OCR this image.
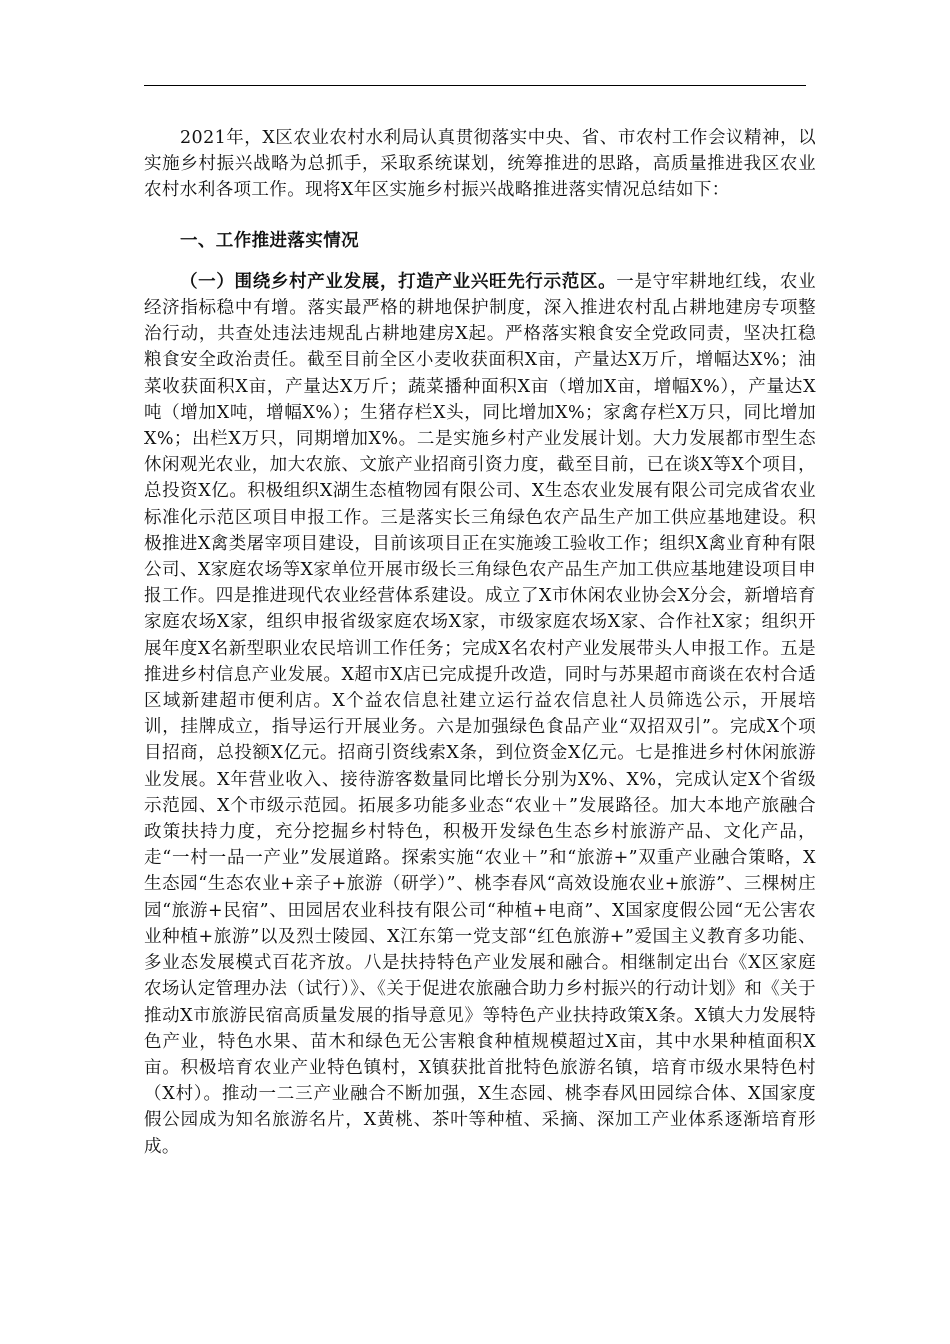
2021年，X区农业农村水利局认真贯彻落实中央、省、市农村工作会议精神，以实施乡村振兴战略为总抓手，采取系统谋划，统筹推进的思路，高质量推进我区农业农村水利各项工作。现将X年区实施乡村振兴战略推进落实情况总结如下：

一、工作推进落实情况

（一）围绕乡村产业发展，打造产业兴旺先行示范区。一是守牢耕地红线，农业经济指标稳中有增。落实最严格的耕地保护制度，深入推进农村乱占耕地建房专项整治行动，共查处违法违规乱占耕地建房X起。严格落实粮食安全党政同责，坚决扛稳粮食安全政治责任。截至目前全区小麦收获面积X亩，产量达X万斤，增幅达X%；油菜收获面积X亩，产量达X万斤；蔬菜播种面积X亩（增加X亩，增幅X%），产量达X吨（增加X吨，增幅X%）；生猪存栏X头，同比增加X%；家禽存栏X万只，同比增加X%；出栏X万只，同期增加X%。二是实施乡村产业发展计划。大力发展都市型生态休闲观光农业，加大农旅、文旅产业招商引资力度，截至目前，已在谈X等X个项目，总投资X亿。积极组织X湖生态植物园有限公司、X生态农业发展有限公司完成省农业标准化示范区项目申报工作。三是落实长三角绿色农产品生产加工供应基地建设。积极推进X禽类屠宰项目建设，目前该项目正在实施竣工验收工作；组织X禽业育种有限公司、X家庭农场等X家单位开展市级长三角绿色农产品生产加工供应基地建设项目申报工作。四是推进现代农业经营体系建设。成立了X市休闲农业协会X分会，新增培育家庭农场X家，组织申报省级家庭农场X家，市级家庭农场X家、合作社X家；组织开展年度X名新型职业农民培训工作任务；完成X名农村产业发展带头人申报工作。五是推进乡村信息产业发展。X超市X店已完成提升改造，同时与苏果超市商谈在农村合适区域新建超市便利店。X个益农信息社建立运行益农信息社人员筛选公示，开展培训，挂牌成立，指导运行开展业务。六是加强绿色食品产业“双招双引”。完成X个项目招商，总投额X亿元。招商引资线索X条，到位资金X亿元。七是推进乡村休闲旅游业发展。X年营业收入、接待游客数量同比增长分别为X%、X%，完成认定X个省级示范园、X个市级示范园。拓展多功能多业态“农业＋”发展路径。加大本地产旅融合政策扶持力度，充分挖掘乡村特色，积极开发绿色生态乡村旅游产品、文化产品，走“一村一品一产业”发展道路。探索实施“农业＋”和“旅游+”双重产业融合策略，X生态园“生态农业+亲子+旅游（研学）”、桃李春风“高效设施农业+旅游”、三棵树庄园“旅游+民宿”、田园居农业科技有限公司“种植+电商”、X国家度假公园“无公害农业种植+旅游”以及烈士陵园、X江东第一党支部“红色旅游+”爱国主义教育多功能、多业态发展模式百花齐放。八是扶持特色产业发展和融合。相继制定出台《X区家庭农场认定管理办法（试行）》、《关于促进农旅融合助力乡村振兴的行动计划》和《关于推动X市旅游民宿高质量发展的指导意见》等特色产业扶持政策X条。X镇大力发展特色产业，特色水果、苗木和绿色无公害粮食种植规模超过X亩，其中水果种植面积X亩。积极培育农业产业特色镇村，X镇获批首批特色旅游名镇，培育市级水果特色村（X村）。推动一二三产业融合不断加强，X生态园、桃李春风田园综合体、X国家度假公园成为知名旅游名片，X黄桃、茶叶等种植、采摘、深加工产业体系逐渐培育形成。
